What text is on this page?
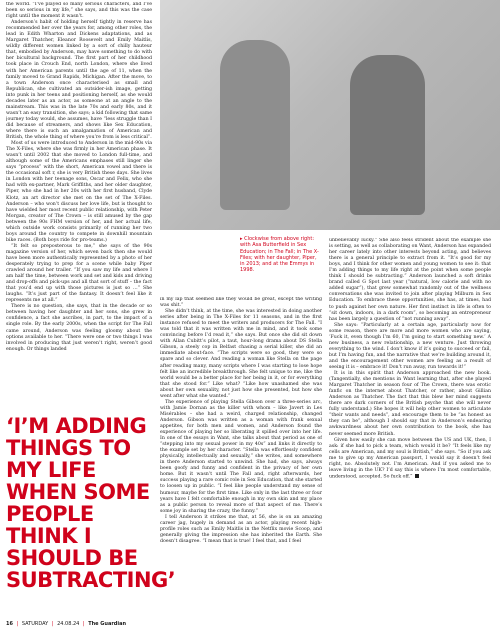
the world. “I’ve played so many serious characters, and I’ve been so serious in my life,” she says, and this was the case right until the moment it wasn’t.

Anderson’s habit of holding herself tightly in reserve has recommended her over the years for, among other roles, the lead in Edith Wharton and Dickens adaptations, and as Margaret Thatcher, Eleanor Roosevelt and Emily Maitlis, wildly different women linked by a sort of chilly hauteur that, embodied by Anderson, may have something to do with her bicultural background. The first part of her childhood took place in Crouch End, north London, where she lived with her American parents until the age of 11, when the family moved to Grand Rapids, Michigan. After the move, to a town Anderson once characterised as small and Republican, she cultivated an outsider-ish image, getting into punk in her teens and positioning herself, as she would decades later as an actor, as someone at an angle to the mainstream. This was in the late 70s and early 80s, and it wasn’t an easy transition, she says; a kid following that same journey today would, she assumes, have “less struggle than I did because of streamers, and shows like Sex Education, where there is such an amalgamation of American and British, the whole thing of where you’re from is less critical”.

Most of us were introduced to Anderson in the mid-90s via The X-Files, where she was firmly in her American phase. It wasn’t until 2002 that she moved to London full-time, and although some of the Americans emphases still linger she says “process” with the short, American vowel and there is the occasional soft r, she is very British these days. She lives in London with her teenage sons, Oscar and Felix, who she had with ex-partner, Mark Griffiths, and her older daughter, Piper, who she had in her 20s with her first husband, Clyde Klotz, an art director she met on the set of The X-Files. Anderson – who won’t discuss her love life, but is thought to have wielded her most recent public relationship, with Peter Morgan, creator of The Crown – is still amused by the gap between the 90s FHM version of her, and her actual life, which outside work consists primarily of running her two boys around the country to compete in downhill mountain bike races. (Both boys ride for pro-teams.)

“It felt so preposterous to me,” she says of the 90s magazine version of her, which seven back then she would have been more authentically represented by a photo of her desperately trying to prep for a scene while baby Piper crawled around her trailer. “If you saw my life and where I am half the time, between work and set and kids and driving and drop-offs and pick-ups and all that sort of stuff – the fact that you’d end up with those pictures is just so …” She laughs. “It’s just part of the fantasy. It doesn’t feel like it represents me at all.”

There is no question, she says, that in the decade or so between having her daughter and her sons, she grew in confidence, a fact she ascribes, in part, to the impact of a single role. By the early 2000s, when the script for The Fall came around, Anderson was feeling gloomy about the options available to her. “There were one or two things I was involved in producing that just weren’t right, weren’t good enough. Or things landed

▸ Clockwise from above right: with Asa Butterfield in Sex Education; in The Fall; in The X-Files; with her daughter, Piper, in 2013; and at the Emmys in 1998.

in my lap that seemed like they would be great, except the writing was shit.”

She didn’t think, at the time, she was interested in doing another series after being in The X-Files for 11 seasons, and in the first instance refused to meet the writers and producers for The Fall. “I was told that it was written with me in mind, and it took some convincing before I’d read it,” she says. But once she did sit down with Allan Cubitt’s pilot, a taut, hour-long drama about DS Stella Gibson, a steely cop in Belfast chasing a serial killer, she did an immediate about-face. “The scripts were so good, they were so spare and so clever. And reading a woman like Stella on the page after reading many, many scripts where I was starting to lose hope felt like an incredible breakthrough. She felt unique to me, like the world would be a better place for her being in it, or for everything that she stood for.” Like what? “Like how unashamed she was about her own sexuality, not just how she presented, but how she went after what she wanted.”

The experience of playing Stella Gibson over a three-series arc, with Jamie Dornan as the killer with whom – like Javert in Les Misérables – she had a weird, charged relationship, changed Anderson. Gibson was written as a woman with frank sexual appetites, for both men and women, and Anderson found the experience of playing her so liberating it spilled over into her life. In one of the essays in Want, she talks about that period as one of “stepping into my sexual power in my 40s” and links it directly to the example set by her character. “Stella was effortlessly confident physically, intellectually and sexually,” she writes, and somewhere in there Anderson started to unwind. She had, she says, always been goofy and funny and confident in the privacy of her own home. But it wasn’t until The Fall and, right afterwards, her success playing a rare comic role in Sex Education, that she started to loosen up in public. “I feel like people understand my sense of humour, maybe for the first time. Like only in the last three or four years have I felt comfortable enough in my own skin and my place as a public person to reveal more of that aspect of me. There’s some joy in sharing the crazy, the funny.”

I tell Anderson it strikes me that, at 56, she is on an amazing career jag, hugely in demand as an actor, playing recent high-profile roles such as Emily Maitlis in the Netflix movie Scoop, and generally giving the impression she has inherited the Earth. She doesn’t disagree. “I mean that is true! I feel that, and I feel

unbelievably lucky.” She also feels strident about the example she is setting, as well as collaborating on Want, Anderson has expanded her career lately into other interests beyond acting, and believes there is a general principle to extract from it. “It’s good for my boys, and I think for other women and young women to see it: that I’m adding things to my life right at the point when some people think I should be subtracting.” Anderson launched a soft drinks brand called G Spot last year (“natural, low calorie and with no added sugar”), that grew somewhat randomly out of the wellness conversations she was invited to join after playing Milburn in Sex Education. To embrace these opportunities, she has, at times, had to push against her own nature. Her first instinct in life is often to “sit down, indoors, in a dark room”, so becoming an entrepreneur has been largely a question of “not running away”.

She says: “Particularly at a certain age, particularly now for some reason, there are more and more women who are saying, ‘Fuck it, even though I’m 60, I’m going to start something new.’ A new business, a new relationship, a new venture. Just throwing everything to the wind. I don’t know if it’s going to succeed or fail, but I’m having fun, and the narrative that we’re building around it, and the encouragement other women are feeling as a result of seeing it is – embrace it! Don’t run away, run towards it!”

It is in this spirit that Anderson approached the new book. (Tangentially, she mentions in Want learning that, after she played Margaret Thatcher in season four of The Crown, there was erotic fanfic on the internet about Thatcher, or rather, about Gillian Anderson as Thatcher. The fact that this blew her mind suggests there are dark corners of the British psyche that she will never fully understand.) She hopes it will help other women to articulate “their wants and needs”, and encourage them to be “as honest as they can be”, although I should say that in Anderson’s endearing awkwardness about her own contribution to the book, she has never seemed more British.

Given how easily she can move between the US and UK, then, I ask: if she had to pick a team, which would it be? “It feels like my cells are American, and my soul is British,” she says. “So if you ask me to give up my American passport, I would say it doesn’t feel right, no. Absolutely not. I’m American. And if you asked me to leave living in the UK? I’d say this is where I’m most comfortable, understood, accepted. So fuck off.”

‘I’M ADDING THINGS TO MY LIFE WHEN SOME PEOPLE THINK I SHOULD BE SUBTRACTING’

16 | SATURDAY | 24.08.24 | The Guardian
